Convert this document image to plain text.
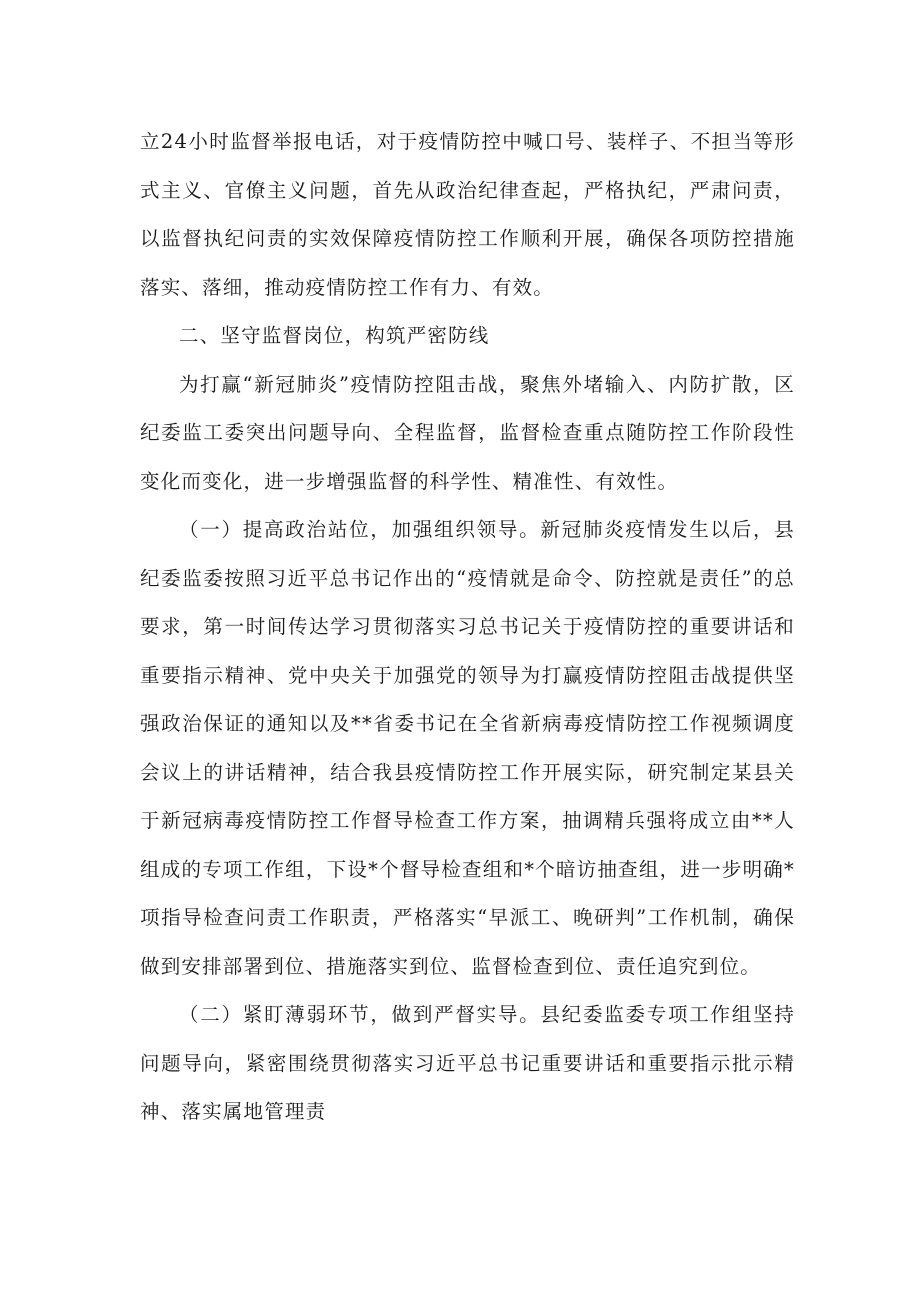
立24小时监督举报电话，对于疫情防控中喊口号、装样子、不担当等形式主义、官僚主义问题，首先从政治纪律查起，严格执纪，严肃问责，以监督执纪问责的实效保障疫情防控工作顺利开展，确保各项防控措施落实、落细，推动疫情防控工作有力、有效。

二、坚守监督岗位，构筑严密防线

为打赢“新冠肺炎”疫情防控阻击战，聚焦外堵输入、内防扩散，区纪委监工委突出问题导向、全程监督，监督检查重点随防控工作阶段性变化而变化，进一步增强监督的科学性、精准性、有效性。

（一）提高政治站位，加强组织领导。新冠肺炎疫情发生以后，县纪委监委按照习近平总书记作出的“疫情就是命令、防控就是责任”的总要求，第一时间传达学习贯彻落实习总书记关于疫情防控的重要讲话和重要指示精神、党中央关于加强党的领导为打赢疫情防控阻击战提供坚强政治保证的通知以及**省委书记在全省新病毒疫情防控工作视频调度会议上的讲话精神，结合我县疫情防控工作开展实际，研究制定某县关于新冠病毒疫情防控工作督导检查工作方案，抽调精兵强将成立由**人组成的专项工作组，下设*个督导检查组和*个暗访抽查组，进一步明确*项指导检查问责工作职责，严格落实“早派工、晚研判”工作机制，确保做到安排部署到位、措施落实到位、监督检查到位、责任追究到位。

（二）紧盯薄弱环节，做到严督实导。县纪委监委专项工作组坚持问题导向，紧密围绕贯彻落实习近平总书记重要讲话和重要指示批示精神、落实属地管理责
